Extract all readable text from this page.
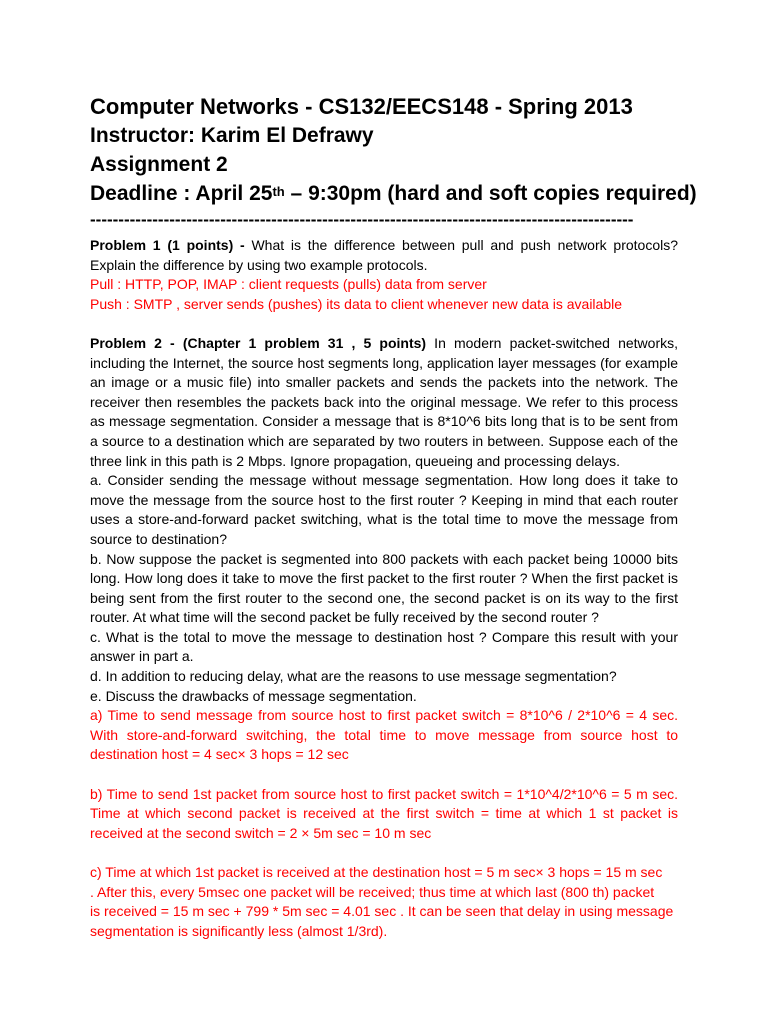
Computer Networks - CS132/EECS148 - Spring 2013
Instructor: Karim El Defrawy
Assignment 2
Deadline : April 25th – 9:30pm (hard and soft copies required)
------------------------------------------------------------------------------------------------

Problem 1 (1 points) - What is the difference between pull and push network protocols? Explain the difference by using two example protocols.

Pull : HTTP, POP, IMAP : client requests (pulls) data from server

Push : SMTP , server sends (pushes) its data to client whenever new data is available

Problem 2 - (Chapter 1 problem 31 , 5 points) In modern packet-switched networks, including the Internet, the source host segments long, application layer messages (for example an image or a music file) into smaller packets and sends the packets into the network. The receiver then resembles the packets back into the original message. We refer to this process as message segmentation. Consider a message that is 8*10^6 bits long that is to be sent from a source to a destination which are separated by two routers in between. Suppose each of the three link in this path is 2 Mbps. Ignore propagation, queueing and processing delays.

a. Consider sending the message without message segmentation. How long does it take to move the message from the source host to the first router ? Keeping in mind that each router uses a store-and-forward packet switching, what is the total time to move the message from source to destination?

b. Now suppose the packet is segmented into 800 packets with each packet being 10000 bits long. How long does it take to move the first packet to the first router ? When the first packet is being sent from the first router to the second one, the second packet is on its way to the first router. At what time will the second packet be fully received by the second router ?

c. What is the total to move the message to destination host ? Compare this result with your answer in part a.

d. In addition to reducing delay, what are the reasons to use message segmentation?

e. Discuss the drawbacks of message segmentation.

a) Time to send message from source host to first packet switch = 8*10^6 / 2*10^6 = 4 sec. With store-and-forward switching, the total time to move message from source host to destination host = 4 sec× 3 hops = 12 sec

b) Time to send 1st packet from source host to first packet switch = 1*10^4/2*10^6 = 5 m sec. Time at which second packet is received at the first switch = time at which 1 st packet is received at the second switch = 2 × 5m sec = 10 m sec

c) Time at which 1st packet is received at the destination host = 5 m sec× 3 hops = 15 m sec

. After this, every 5msec one packet will be received; thus time at which last (800 th) packet

is received = 15 m sec + 799 * 5m sec = 4.01 sec . It can be seen that delay in using message

segmentation is significantly less (almost 1/3rd).
